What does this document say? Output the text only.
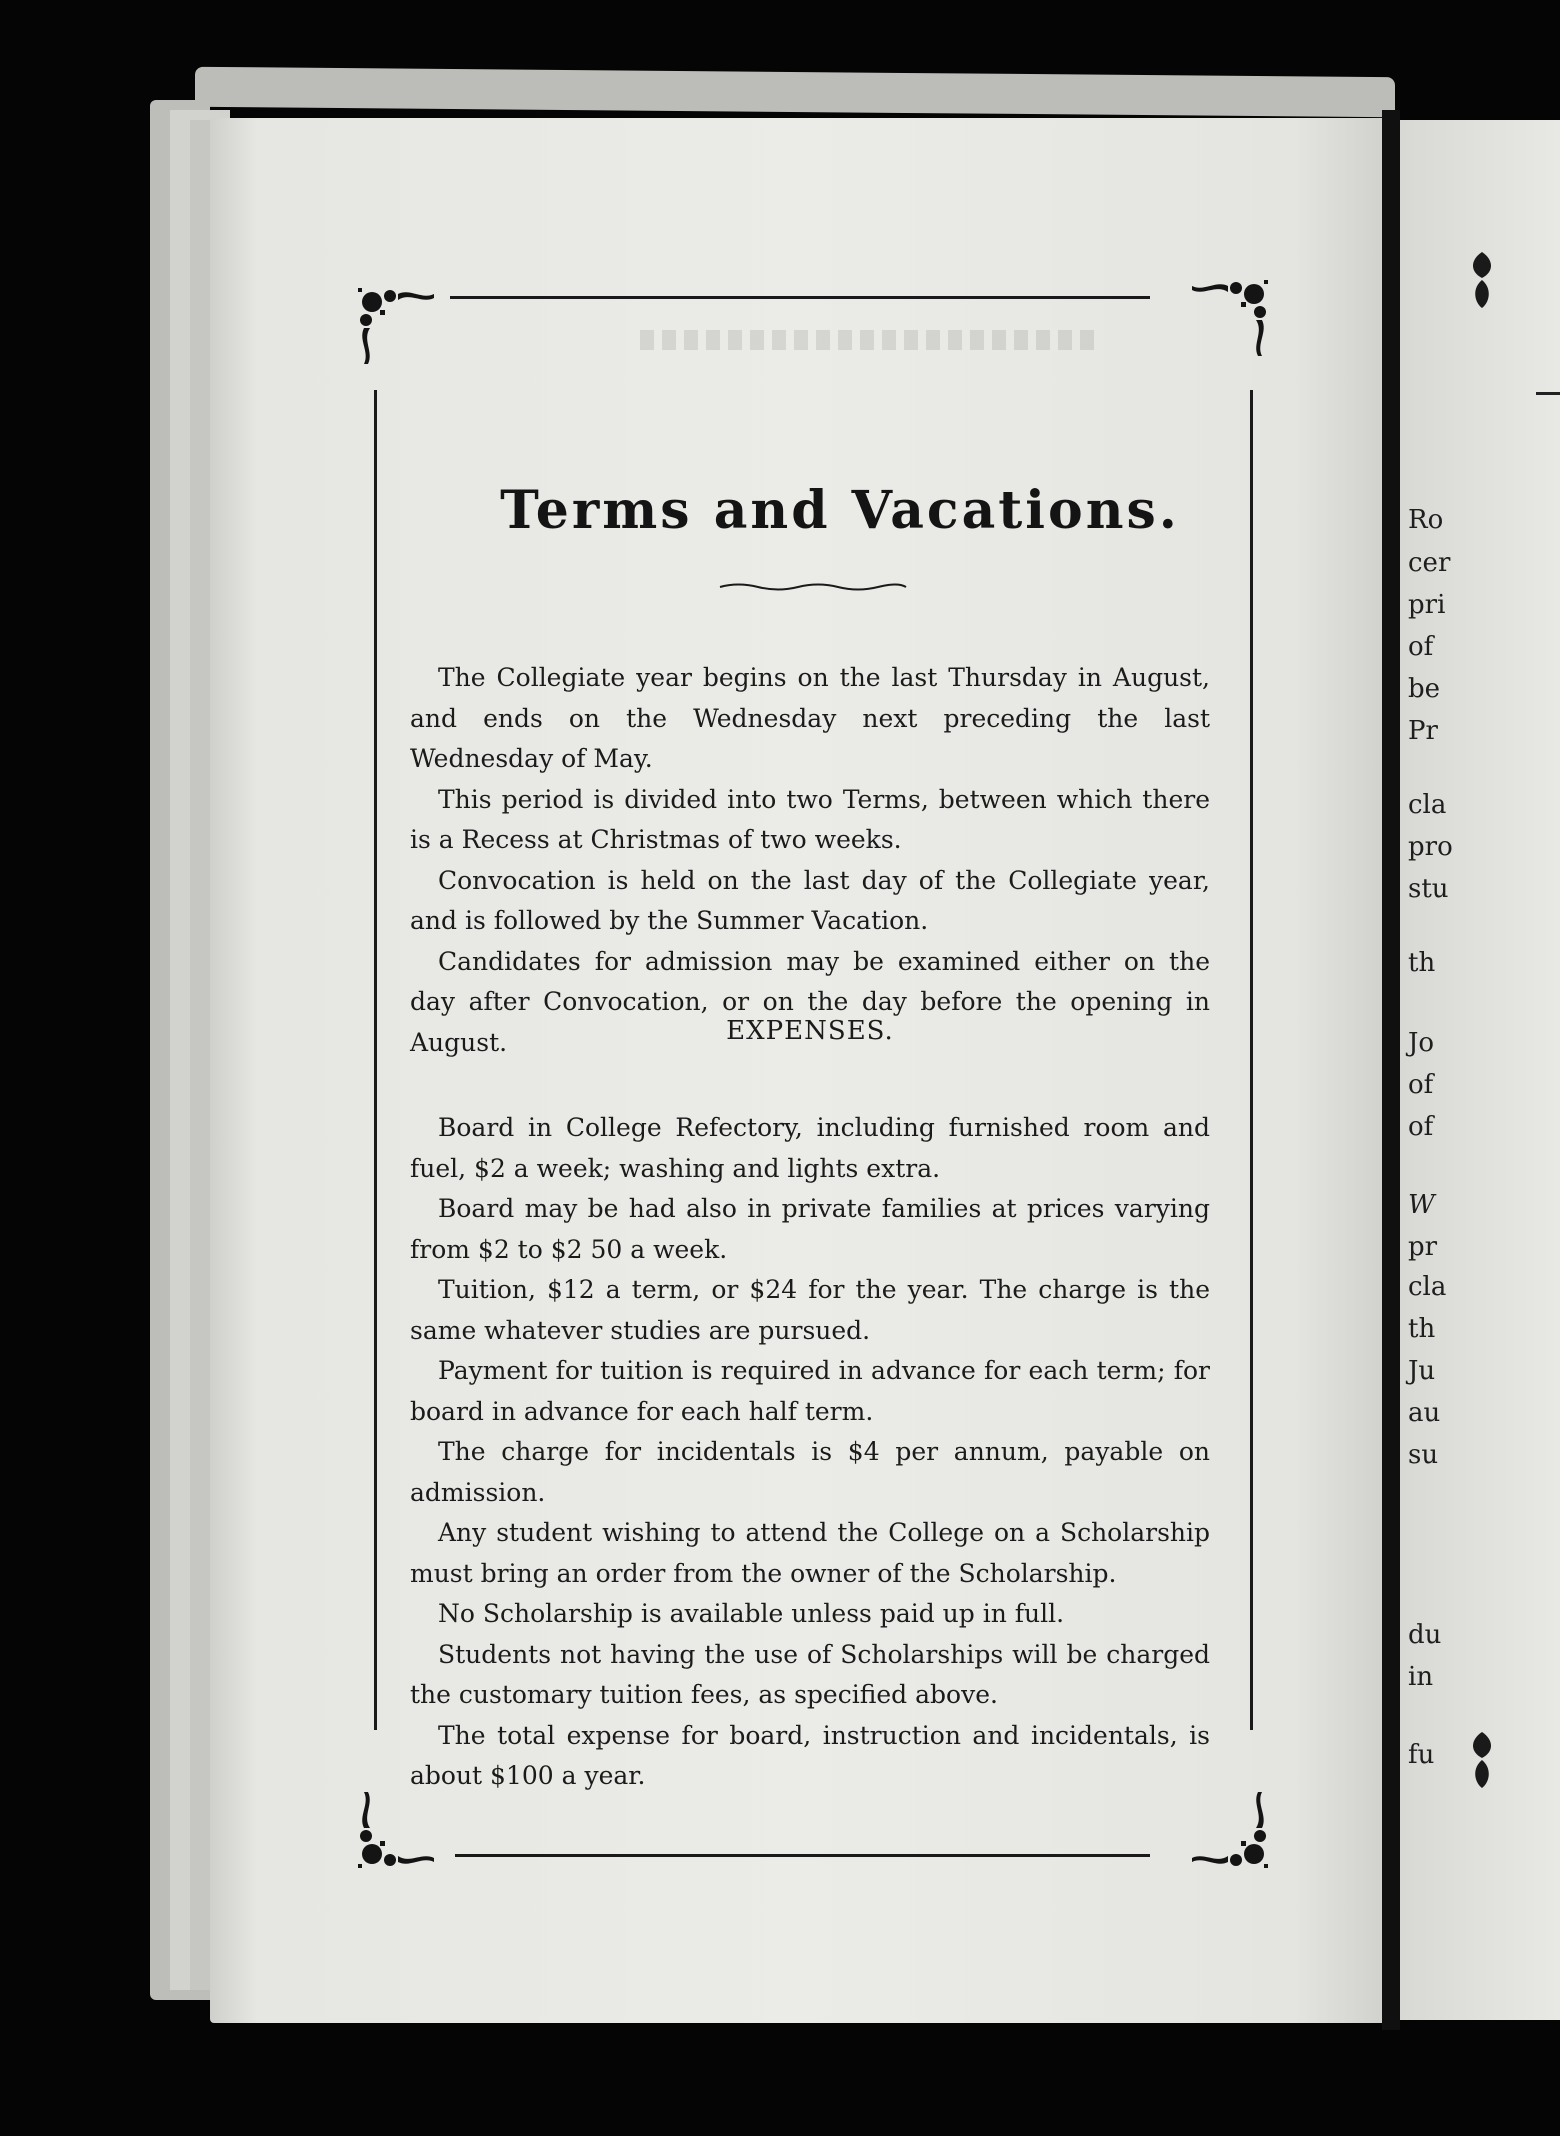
Ro
cer
pri
of
be
Pr
cla
pro
stu
th
Jo
of
of
W
pr
cla
th
Ju
au
su
du
in
fu
Terms and Vacations.
The Collegiate year begins on the last Thursday in August, and ends on the Wednesday next preceding the last Wednesday of May.
This period is divided into two Terms, between which there is a Recess at Christmas of two weeks.
Convocation is held on the last day of the Collegiate year, and is followed by the Summer Vacation.
Candidates for admission may be examined either on the day after Convocation, or on the day before the opening in August.	EXPENSES.
Board in College Refectory, including furnished room and fuel, $2 a week; washing and lights extra.
Board may be had also in private families at prices varying from $2 to $2 50 a week.
Tuition, $12 a term, or $24 for the year. The charge is the same whatever studies are pursued.
Payment for tuition is required in advance for each term; for board in advance for each half term.
The charge for incidentals is $4 per annum, payable on admission.
Any student wishing to attend the College on a Scholarship must bring an order from the owner of the Scholarship.
No Scholarship is available unless paid up in full.
Students not having the use of Scholarships will be charged the customary tuition fees, as specified above.
The total expense for board, instruction and incidentals, is about $100 a year.
